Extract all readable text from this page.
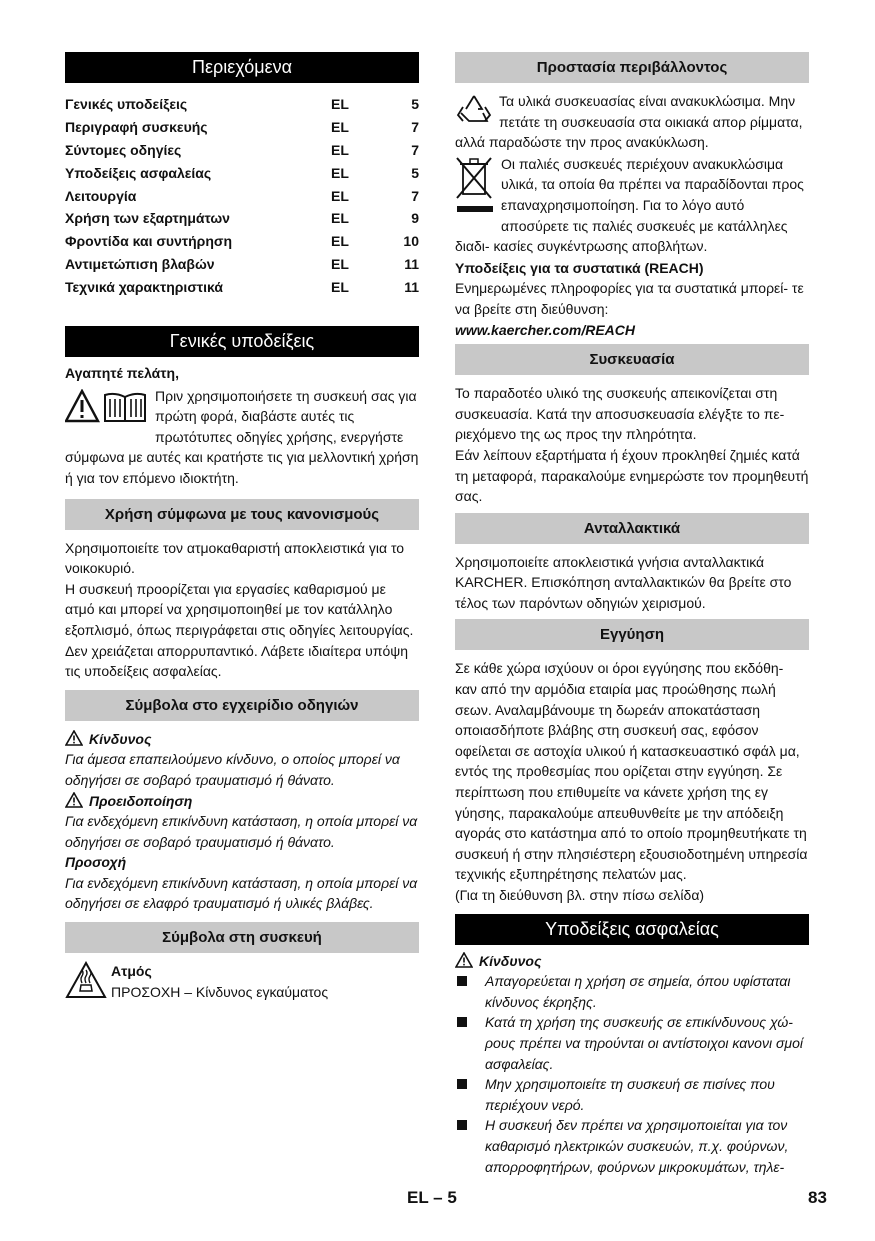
Περιεχόμενα
Γενικές υποδείξεις	EL	5
Περιγραφή συσκευής	EL	7
Σύντομες οδηγίες	EL	7
Υποδείξεις ασφαλείας	EL	5
Λειτουργία	EL	7
Χρήση των εξαρτημάτων	EL	9
Φροντίδα και συντήρηση	EL	10
Αντιμετώπιση βλαβών	EL	11
Τεχνικά χαρακτηριστικά	EL	11
Γενικές υποδείξεις

Αγαπητέ πελάτη,

Πριν χρησιμοποιήσετε τη συσκευή σας για πρώτη φορά, διαβάστε αυτές τις πρωτότυπες οδηγίες χρήσης, ενεργήστε σύμφωνα με αυτές και κρατήστε τις για μελλοντική χρήση ή για τον επόμενο ιδιοκτήτη.

Χρήση σύμφωνα με τους κανονισμούς

Χρησιμοποιείτε τον ατμοκαθαριστή αποκλειστικά για το νοικοκυριό.

Η συσκευή προορίζεται για εργασίες καθαρισμού με ατμό και μπορεί να χρησιμοποιηθεί με τον κατάλληλο εξοπλισμό, όπως περιγράφεται στις οδηγίες λειτουργίας. Δεν χρειάζεται απορρυπαντικό. Λάβετε ιδιαίτερα υπόψη τις υποδείξεις ασφαλείας.

Σύμβολα στο εγχειρίδιο οδηγιών

Κίνδυνος

Για άμεσα επαπειλούμενο κίνδυνο, ο οποίος μπορεί να οδηγήσει σε σοβαρό τραυματισμό ή θάνατο.

Προειδοποίηση

Για ενδεχόμενη επικίνδυνη κατάσταση, η οποία μπορεί να οδηγήσει σε σοβαρό τραυματισμό ή θάνατο.

Προσοχή

Για ενδεχόμενη επικίνδυνη κατάσταση, η οποία μπορεί να οδηγήσει σε ελαφρό τραυματισμό ή υλικές βλάβες.

Σύμβολα στη συσκευή

Ατμός

ΠΡΟΣΟΧΗ – Κίνδυνος εγκαύματος

Προστασία περιβάλλοντος

Τα υλικά συσκευασίας είναι ανακυκλώσιμα. Μην πετάτε τη συσκευασία στα οικιακά απορ ρίμματα, αλλά παραδώστε την προς ανακύκλωση.

Οι παλιές συσκευές περιέχουν ανακυκλώσιμα υλικά, τα οποία θα πρέπει να παραδίδονται προς επαναχρησιμοποίηση. Για το λόγο αυτό απoσύρετε τις παλιές συσκευές με κατάλληλες διαδι- κασίες συγκέντρωσης αποβλήτων.

Υποδείξεις για τα συστατικά (REACH)

Ενημερωμένες πληροφορίες για τα συστατικά μπορεί- τε να βρείτε στη διεύθυνση:

www.kaercher.com/REACH

Συσκευασία

Το παραδοτέο υλικό της συσκευής απεικονίζεται στη συσκευασία. Κατά την αποσυσκευασία ελέγξτε το πε- ριεχόμενο της ως προς την πληρότητα.

Εάν λείπουν εξαρτήματα ή έχουν προκληθεί ζημιές κατά τη μεταφορά, παρακαλούμε ενημερώστε τον προμηθευτή σας.

Ανταλλακτικά

Χρησιμοποιείτε αποκλειστικά γνήσια ανταλλακτικά KARCHER. Επισκόπηση ανταλλακτικών θα βρείτε στο τέλος των παρόντων οδηγιών χειρισμού.

Εγγύηση

Σε κάθε χώρα ισχύουν οι όροι εγγύησης που εκδόθη- καν από την αρμόδια εταιρία μας προώθησης πωλή σεων. Αναλαμβάνουμε τη δωρεάν αποκατάσταση οποιασδήποτε βλάβης στη συσκευή σας, εφόσον οφείλεται σε αστοχία υλικού ή κατασκευαστικό σφάλ μα, εντός της προθεσμίας που ορίζεται στην εγγύηση. Σε περίπτωση που επιθυμείτε να κάνετε χρήση της εγ γύησης, παρακαλούμε απευθυνθείτε με την απόδειξη αγοράς στο κατάστημα από το οποίο προμηθευτήκατε τη συσκευή ή στην πλησιέστερη εξουσιοδοτημένη υπηρεσία τεχνικής εξυπηρέτησης πελατών μας.

(Για τη διεύθυνση βλ. στην πίσω σελίδα)

Υποδείξεις ασφαλείας

Κίνδυνος

Απαγορεύεται η χρήση σε σημεία, όπου υφίσταται κίνδυνος έκρηξης.
Κατά τη χρήση της συσκευής σε επικίνδυνους χώ- ρους πρέπει να τηρούνται οι αντίστοιχοι κανονι σμοί ασφαλείας.
Μην χρησιμοποιείτε τη συσκευή σε πισίνες που περιέχουν νερό.
Η συσκευή δεν πρέπει να χρησιμοποιείται για τον καθαρισμό ηλεκτρικών συσκευών, π.χ. φούρνων, απορροφητήρων, φούρνων μικροκυμάτων, τηλε-
EL – 5	83
